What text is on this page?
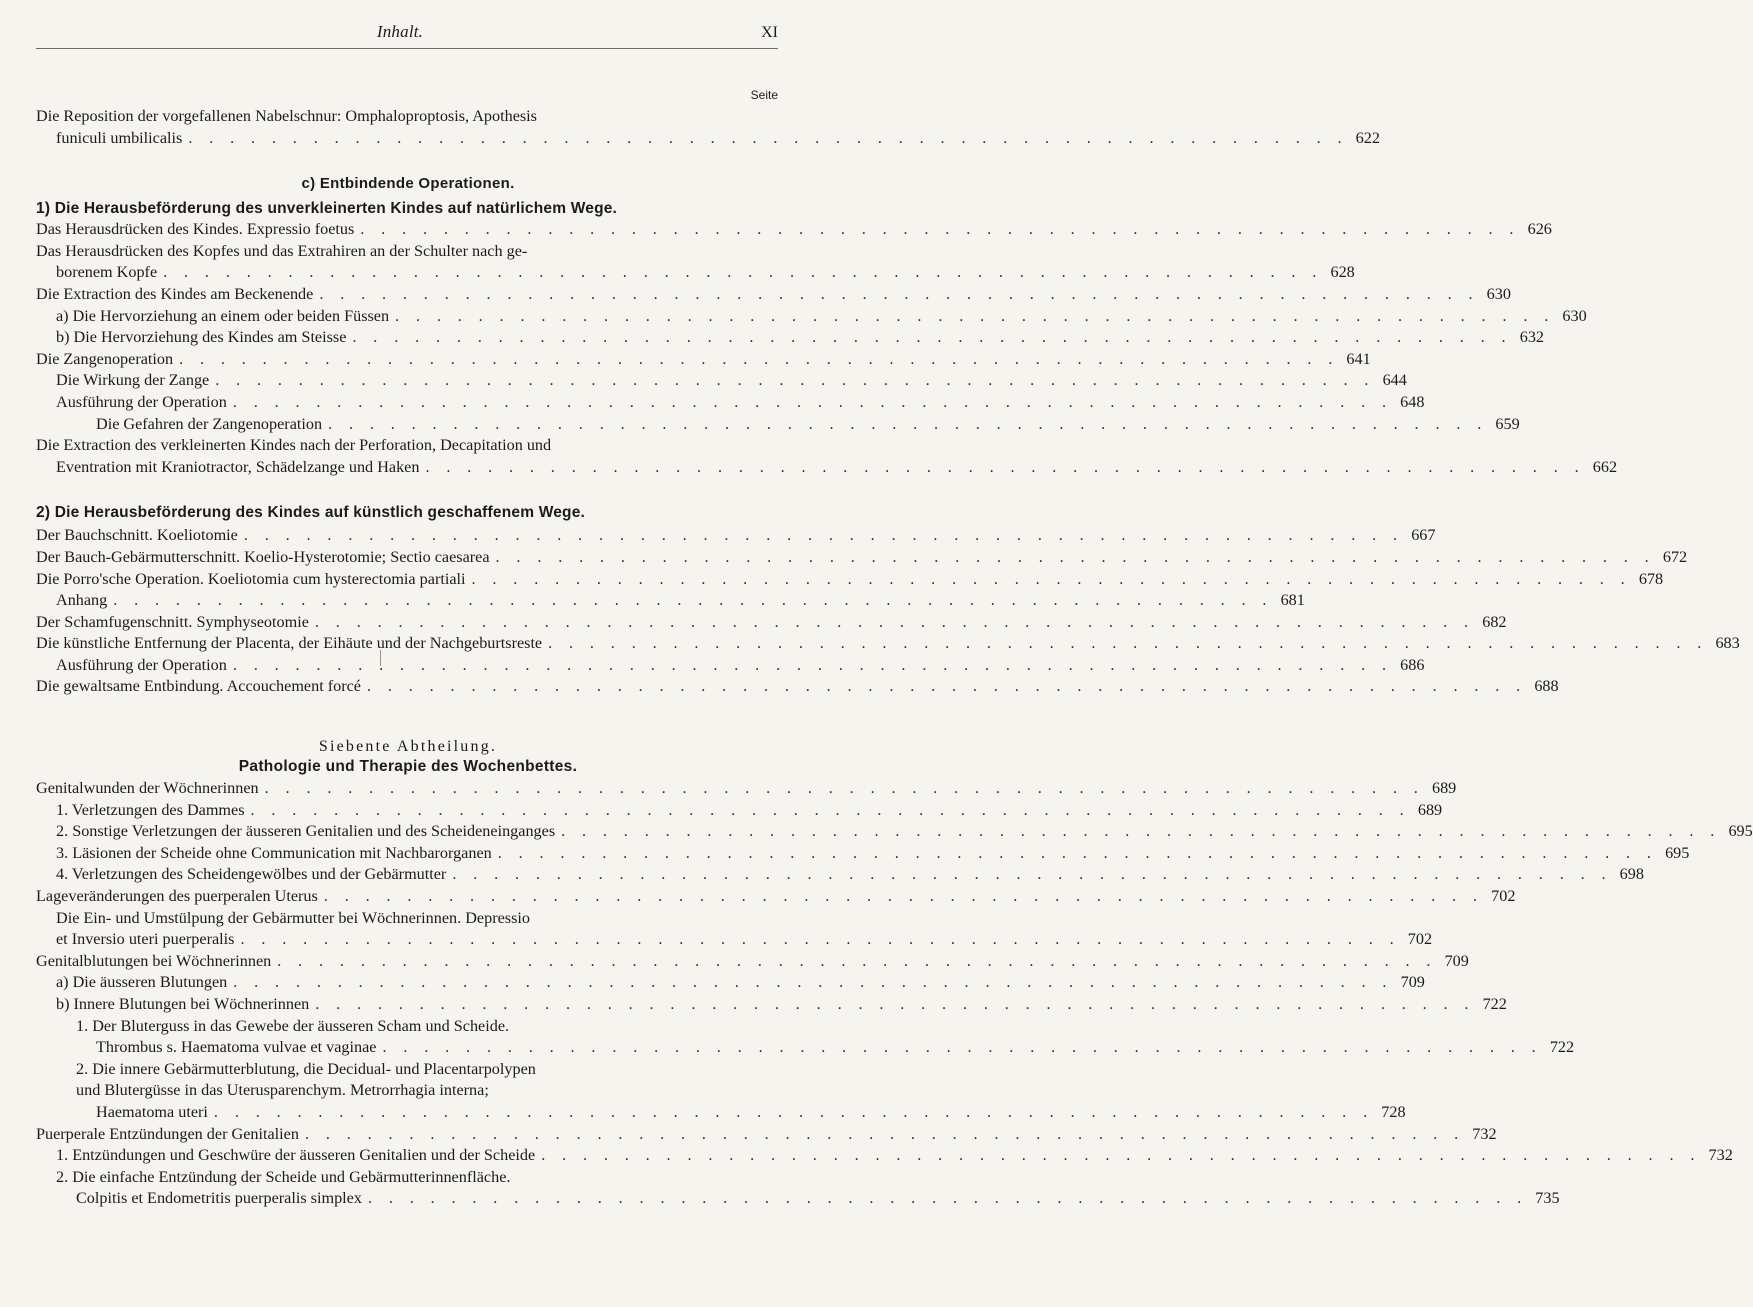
Inhalt.	XI
Seite
Die Reposition der vorgefallenen Nabelschnur: Omphaloproptosis, Apothesis
funiculi umbilicalis . . . . . . . . . . . . . . . . . . . . . . . . . . . . . . . . . . . . . . . . . . . . . . . . . . . . . . . . 622
c) Entbindende Operationen.
1) Die Herausbeförderung des unverkleinerten Kindes auf natürlichem Wege.
Das Herausdrücken des Kindes. Expressio foetus . . . . . . . . . . . . . . . . . . . . . . . . . . . . . . . . . . . . . . . . . . . . . . . . . . . . . . . . 626
Das Herausdrücken des Kopfes und das Extrahiren an der Schulter nach ge-
borenem Kopfe . . . . . . . . . . . . . . . . . . . . . . . . . . . . . . . . . . . . . . . . . . . . . . . . . . . . . . . . 628
Die Extraction des Kindes am Beckenende . . . . . . . . . . . . . . . . . . . . . . . . . . . . . . . . . . . . . . . . . . . . . . . . . . . . . . . . 630
a) Die Hervorziehung an einem oder beiden Füssen . . . . . . . . . . . . . . . . . . . . . . . . . . . . . . . . . . . . . . . . . . . . . . . . . . . . . . . . 630
b) Die Hervorziehung des Kindes am Steisse . . . . . . . . . . . . . . . . . . . . . . . . . . . . . . . . . . . . . . . . . . . . . . . . . . . . . . . . 632
Die Zangenoperation . . . . . . . . . . . . . . . . . . . . . . . . . . . . . . . . . . . . . . . . . . . . . . . . . . . . . . . . 641
Die Wirkung der Zange . . . . . . . . . . . . . . . . . . . . . . . . . . . . . . . . . . . . . . . . . . . . . . . . . . . . . . . . 644
Ausführung der Operation . . . . . . . . . . . . . . . . . . . . . . . . . . . . . . . . . . . . . . . . . . . . . . . . . . . . . . . . 648
Die Gefahren der Zangenoperation . . . . . . . . . . . . . . . . . . . . . . . . . . . . . . . . . . . . . . . . . . . . . . . . . . . . . . . . 659
Die Extraction des verkleinerten Kindes nach der Perforation, Decapitation und
Eventration mit Kraniotractor, Schädelzange und Haken . . . . . . . . . . . . . . . . . . . . . . . . . . . . . . . . . . . . . . . . . . . . . . . . . . . . . . . . 662
2) Die Herausbeförderung des Kindes auf künstlich geschaffenem Wege.
Der Bauchschnitt. Koeliotomie . . . . . . . . . . . . . . . . . . . . . . . . . . . . . . . . . . . . . . . . . . . . . . . . . . . . . . . . 667
Der Bauch-Gebärmutterschnitt. Koelio-Hysterotomie; Sectio caesarea . . . . . . . . . . . . . . . . . . . . . . . . . . . . . . . . . . . . . . . . . . . . . . . . . . . . . . . . 672
Die Porro'sche Operation. Koeliotomia cum hysterectomia partiali . . . . . . . . . . . . . . . . . . . . . . . . . . . . . . . . . . . . . . . . . . . . . . . . . . . . . . . . 678
Anhang . . . . . . . . . . . . . . . . . . . . . . . . . . . . . . . . . . . . . . . . . . . . . . . . . . . . . . . . 681
Der Schamfugenschnitt. Symphyseotomie . . . . . . . . . . . . . . . . . . . . . . . . . . . . . . . . . . . . . . . . . . . . . . . . . . . . . . . . 682
Die künstliche Entfernung der Placenta, der Eihäute und der Nachgeburtsreste . . . . . . . . . . . . . . . . . . . . . . . . . . . . . . . . . . . . . . . . . . . . . . . . . . . . . . . . 683
Ausführung der Operation . . . . . . . . . . . . . . . . . . . . . . . . . . . . . . . . . . . . . . . . . . . . . . . . . . . . . . . . 686
Die gewaltsame Entbindung. Accouchement forcé . . . . . . . . . . . . . . . . . . . . . . . . . . . . . . . . . . . . . . . . . . . . . . . . . . . . . . . . 688
Siebente Abtheilung.
Pathologie und Therapie des Wochenbettes.
Genitalwunden der Wöchnerinnen . . . . . . . . . . . . . . . . . . . . . . . . . . . . . . . . . . . . . . . . . . . . . . . . . . . . . . . . 689
1. Verletzungen des Dammes . . . . . . . . . . . . . . . . . . . . . . . . . . . . . . . . . . . . . . . . . . . . . . . . . . . . . . . . 689
2. Sonstige Verletzungen der äusseren Genitalien und des Scheideneinganges . . . . . . . . . . . . . . . . . . . . . . . . . . . . . . . . . . . . . . . . . . . . . . . . . . . . . . . . 695
3. Läsionen der Scheide ohne Communication mit Nachbarorganen . . . . . . . . . . . . . . . . . . . . . . . . . . . . . . . . . . . . . . . . . . . . . . . . . . . . . . . . 695
4. Verletzungen des Scheidengewölbes und der Gebärmutter . . . . . . . . . . . . . . . . . . . . . . . . . . . . . . . . . . . . . . . . . . . . . . . . . . . . . . . . 698
Lageveränderungen des puerperalen Uterus . . . . . . . . . . . . . . . . . . . . . . . . . . . . . . . . . . . . . . . . . . . . . . . . . . . . . . . . 702
Die Ein- und Umstülpung der Gebärmutter bei Wöchnerinnen. Depressio
et Inversio uteri puerperalis . . . . . . . . . . . . . . . . . . . . . . . . . . . . . . . . . . . . . . . . . . . . . . . . . . . . . . . . 702
Genitalblutungen bei Wöchnerinnen . . . . . . . . . . . . . . . . . . . . . . . . . . . . . . . . . . . . . . . . . . . . . . . . . . . . . . . . 709
a) Die äusseren Blutungen . . . . . . . . . . . . . . . . . . . . . . . . . . . . . . . . . . . . . . . . . . . . . . . . . . . . . . . . 709
b) Innere Blutungen bei Wöchnerinnen . . . . . . . . . . . . . . . . . . . . . . . . . . . . . . . . . . . . . . . . . . . . . . . . . . . . . . . . 722
1. Der Bluterguss in das Gewebe der äusseren Scham und Scheide.
Thrombus s. Haematoma vulvae et vaginae . . . . . . . . . . . . . . . . . . . . . . . . . . . . . . . . . . . . . . . . . . . . . . . . . . . . . . . . 722
2. Die innere Gebärmutterblutung, die Decidual- und Placentarpolypen
und Blutergüsse in das Uterusparenchym. Metrorrhagia interna;
Haematoma uteri . . . . . . . . . . . . . . . . . . . . . . . . . . . . . . . . . . . . . . . . . . . . . . . . . . . . . . . . 728
Puerperale Entzündungen der Genitalien . . . . . . . . . . . . . . . . . . . . . . . . . . . . . . . . . . . . . . . . . . . . . . . . . . . . . . . . 732
1. Entzündungen und Geschwüre der äusseren Genitalien und der Scheide . . . . . . . . . . . . . . . . . . . . . . . . . . . . . . . . . . . . . . . . . . . . . . . . . . . . . . . . 732
2. Die einfache Entzündung der Scheide und Gebärmutterinnenfläche.
Colpitis et Endometritis puerperalis simplex . . . . . . . . . . . . . . . . . . . . . . . . . . . . . . . . . . . . . . . . . . . . . . . . . . . . . . . . 735
